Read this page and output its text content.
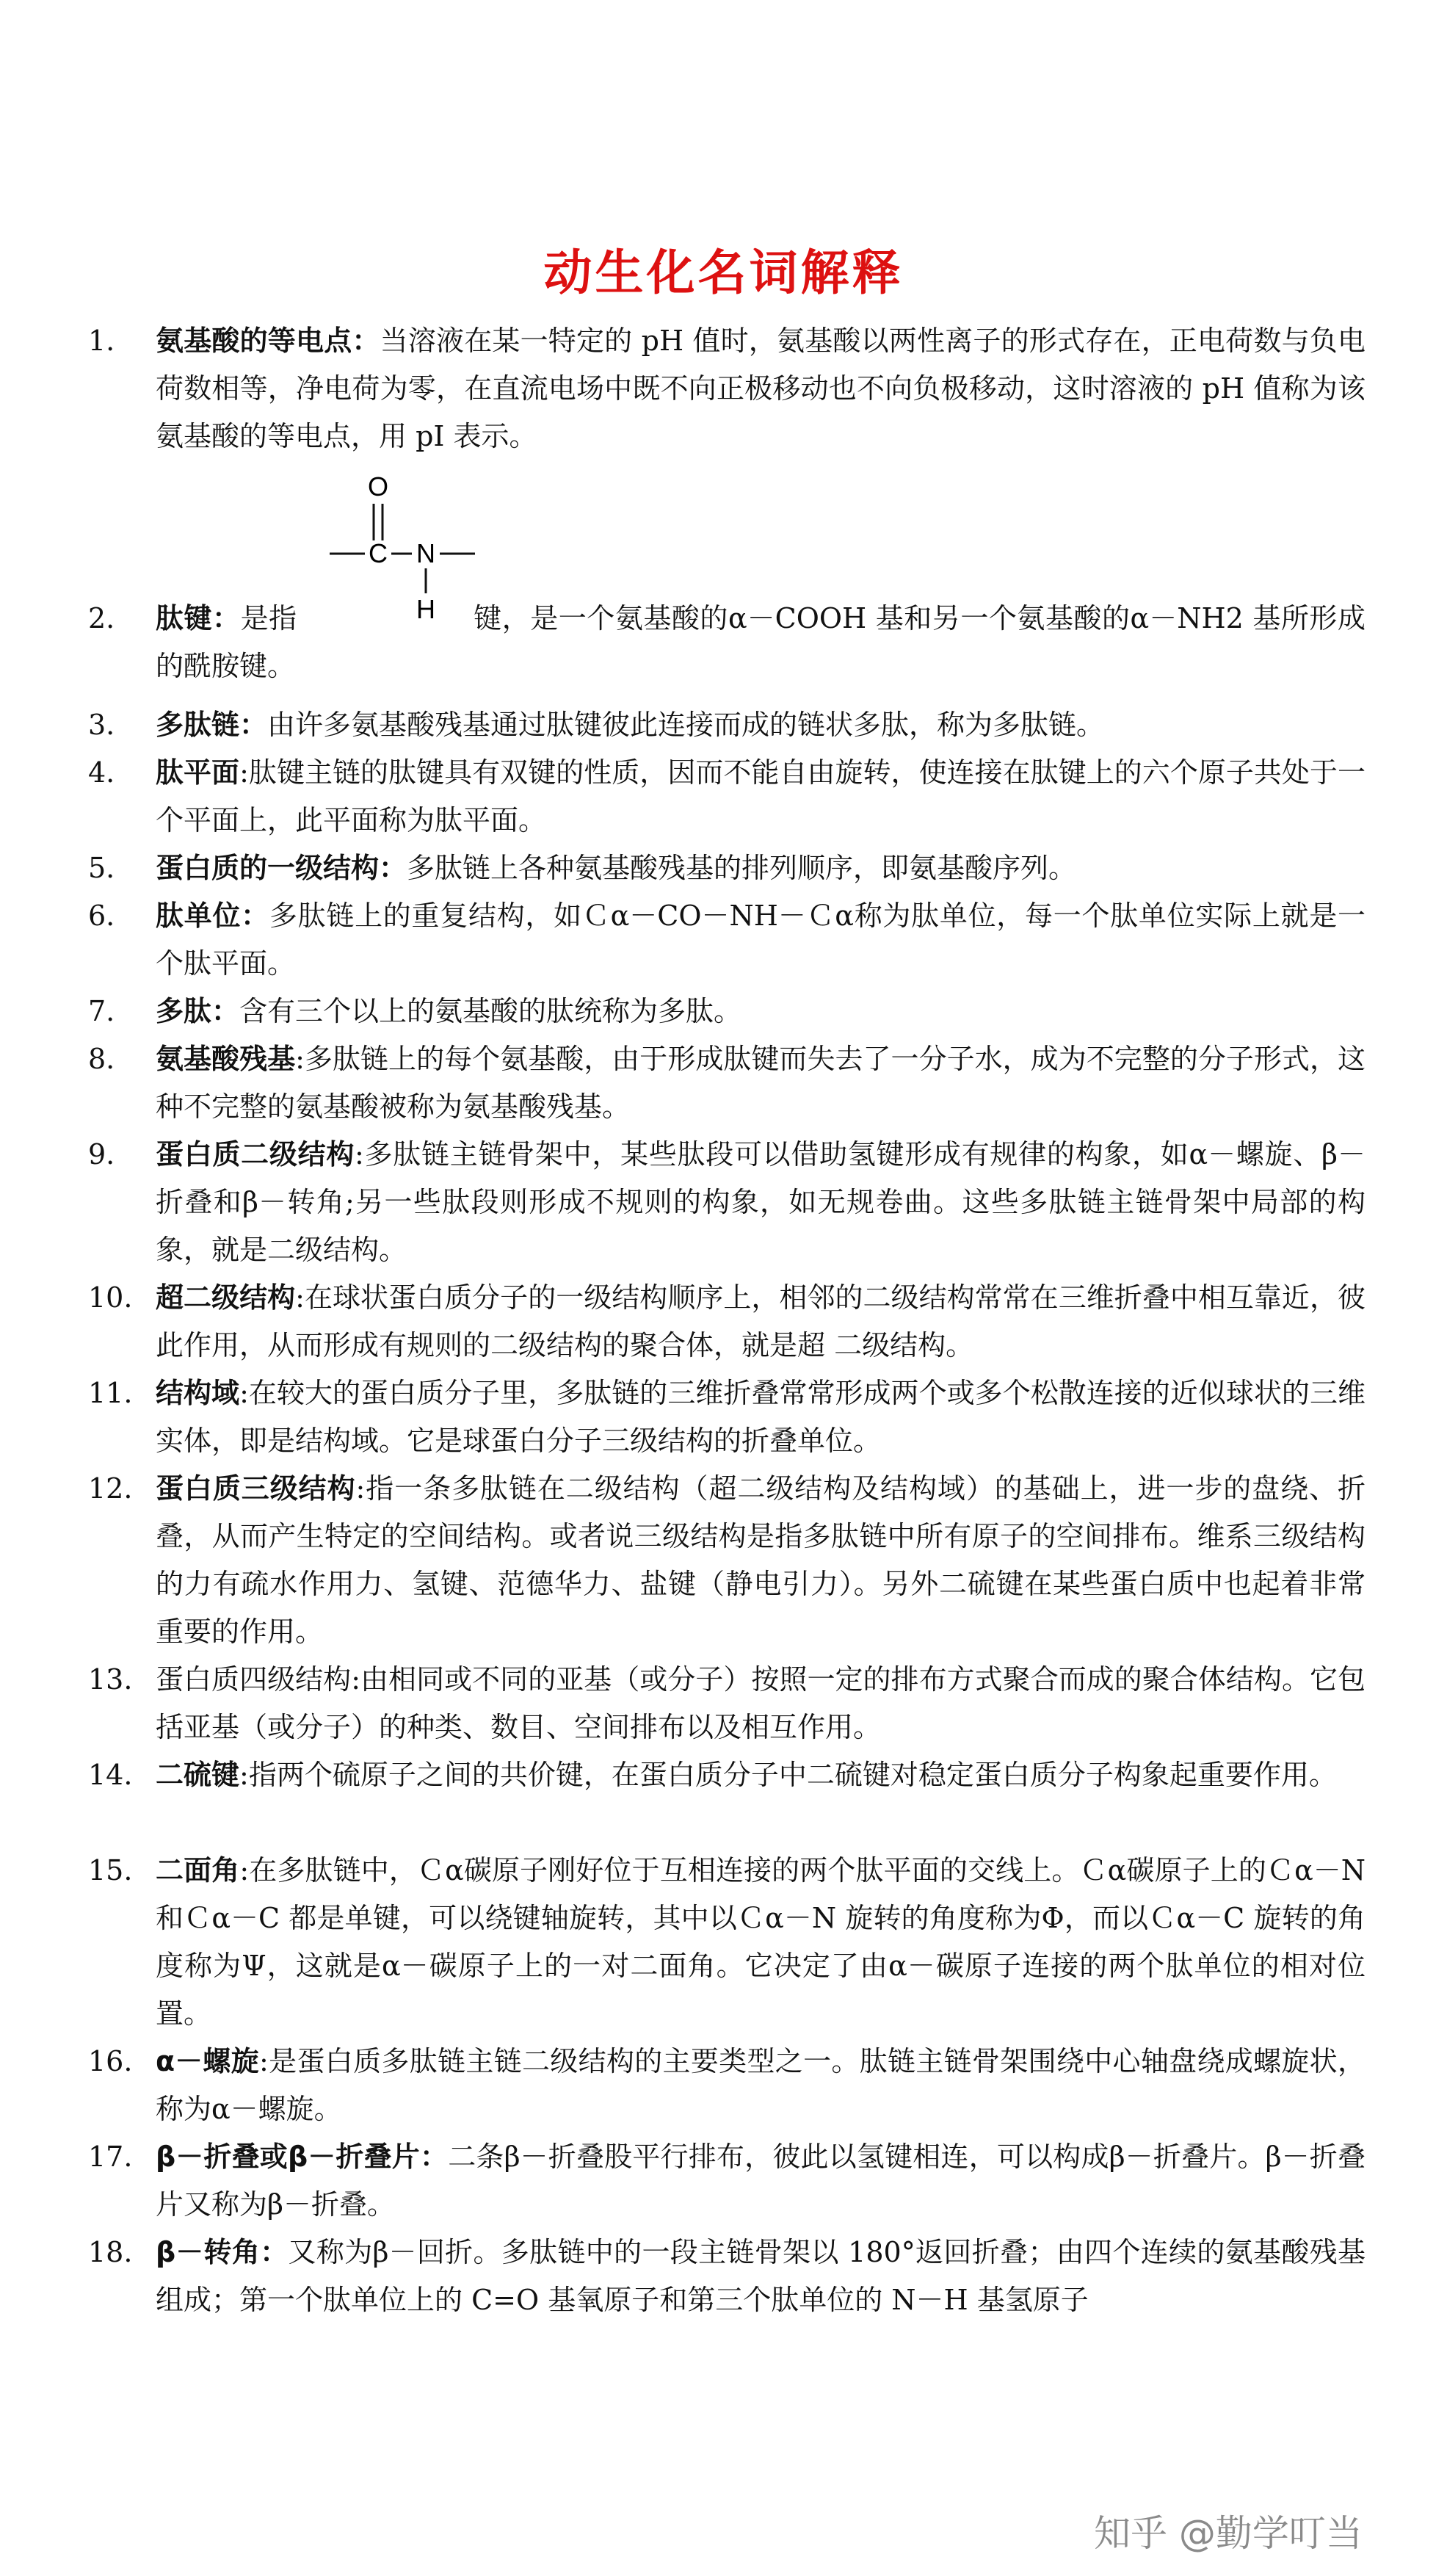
动生化名词解释
1.	氨基酸的等电点：当溶液在某一特定的 pH 值时，氨基酸以两性离子的形式存在，正电荷数与负电荷数相等，净电荷为零，在直流电场中既不向正极移动也不向负极移动，这时溶液的 pH 值称为该氨基酸的等电点，用 pI 表示。
O
C N
H
2.	肽键：是指	键，是一个氨基酸的α－COOH 基和另一个氨基酸的α－NH2 基所形成的酰胺键。
3.	多肽链：由许多氨基酸残基通过肽键彼此连接而成的链状多肽，称为多肽链。
4.	肽平面:肽键主链的肽键具有双键的性质，因而不能自由旋转，使连接在肽键上的六个原子共处于一个平面上，此平面称为肽平面。
5.	蛋白质的一级结构：多肽链上各种氨基酸残基的排列顺序，即氨基酸序列。
6.	肽单位：多肽链上的重复结构，如Ｃα－CO－NH－Ｃα称为肽单位，每一个肽单位实际上就是一个肽平面。
7.	多肽：含有三个以上的氨基酸的肽统称为多肽。
8.	氨基酸残基:多肽链上的每个氨基酸，由于形成肽键而失去了一分子水，成为不完整的分子形式，这种不完整的氨基酸被称为氨基酸残基。
9.	蛋白质二级结构:多肽链主链骨架中，某些肽段可以借助氢键形成有规律的构象，如α－螺旋、β－折叠和β－转角;另一些肽段则形成不规则的构象，如无规卷曲。这些多肽链主链骨架中局部的构象，就是二级结构。
10. 超二级结构:在球状蛋白质分子的一级结构顺序上，相邻的二级结构常常在三维折叠中相互靠近，彼此作用，从而形成有规则的二级结构的聚合体，就是超 二级结构。
11. 结构域:在较大的蛋白质分子里，多肽链的三维折叠常常形成两个或多个松散连接的近似球状的三维实体，即是结构域。它是球蛋白分子三级结构的折叠单位。
12. 蛋白质三级结构:指一条多肽链在二级结构（超二级结构及结构域）的基础上，进一步的盘绕、折叠，从而产生特定的空间结构。或者说三级结构是指多肽链中所有原子的空间排布。维系三级结构的力有疏水作用力、氢键、范德华力、盐键（静电引力）。另外二硫键在某些蛋白质中也起着非常重要的作用。
13. 蛋白质四级结构:由相同或不同的亚基（或分子）按照一定的排布方式聚合而成的聚合体结构。它包括亚基（或分子）的种类、数目、空间排布以及相互作用。
14. 二硫键:指两个硫原子之间的共价键，在蛋白质分子中二硫键对稳定蛋白质分子构象起重要作用。
15. 二面角:在多肽链中，Ｃα碳原子刚好位于互相连接的两个肽平面的交线上。Ｃα碳原子上的Ｃα－N 和Ｃα－C 都是单键，可以绕键轴旋转，其中以Ｃα－N 旋转的角度称为Φ，而以Ｃα－C 旋转的角度称为Ψ，这就是α－碳原子上的一对二面角。它决定了由α－碳原子连接的两个肽单位的相对位置。
16. α－螺旋:是蛋白质多肽链主链二级结构的主要类型之一。肽链主链骨架围绕中心轴盘绕成螺旋状，称为α－螺旋。
17. β－折叠或β－折叠片：二条β－折叠股平行排布，彼此以氢键相连，可以构成β－折叠片。β－折叠片又称为β－折叠。
18. β－转角：又称为β－回折。多肽链中的一段主链骨架以 180°返回折叠；由四个连续的氨基酸残基组成；第一个肽单位上的 C=O 基氧原子和第三个肽单位的 N－H 基氢原子
知乎 @勤学叮当
